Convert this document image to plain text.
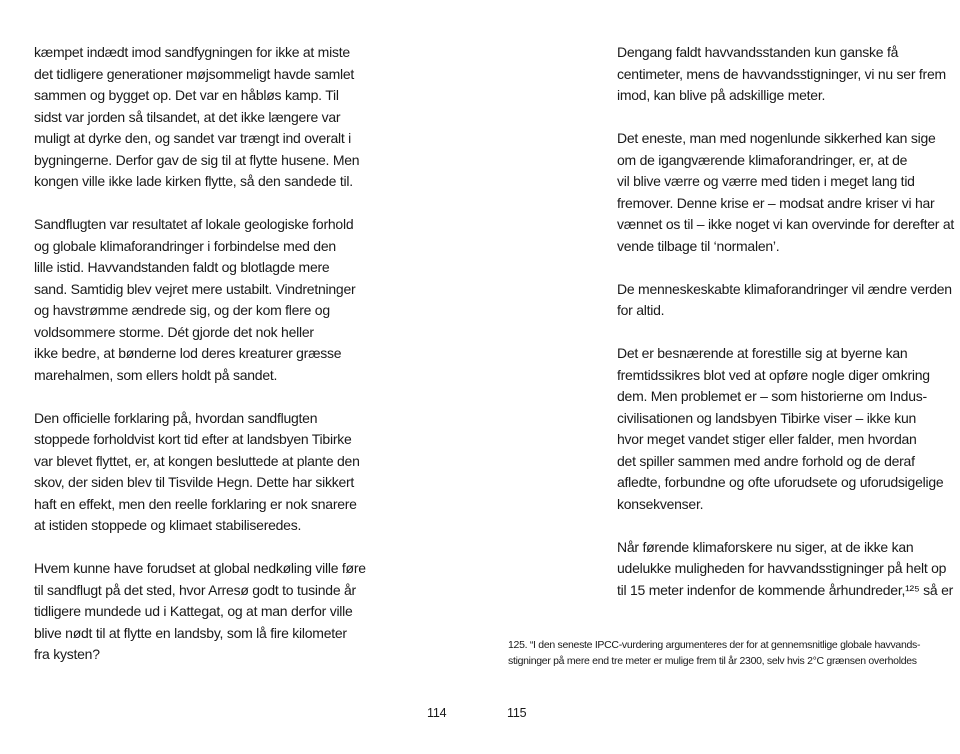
kæmpet indædt imod sandfygningen for ikke at miste
det tidligere generationer møjsommeligt havde samlet
sammen og bygget op. Det var en håbløs kamp. Til
sidst var jorden så tilsandet, at det ikke længere var
muligt at dyrke den, og sandet var trængt ind overalt i
bygningerne. Derfor gav de sig til at flytte husene. Men
kongen ville ikke lade kirken flytte, så den sandede til.

Sandflugten var resultatet af lokale geologiske forhold
og globale klimaforandringer i forbindelse med den
lille istid. Havvandstanden faldt og blotlagde mere
sand. Samtidig blev vejret mere ustabilt. Vindretninger
og havstrømme ændrede sig, og der kom flere og
voldsommere storme. Dét gjorde det nok heller
ikke bedre, at bønderne lod deres kreaturer græsse
marehalmen, som ellers holdt på sandet.

Den officielle forklaring på, hvordan sandflugten
stoppede forholdvist kort tid efter at landsbyen Tibirke
var blevet flyttet, er, at kongen besluttede at plante den
skov, der siden blev til Tisvilde Hegn. Dette har sikkert
haft en effekt, men den reelle forklaring er nok snarere
at istiden stoppede og klimaet stabiliseredes.

Hvem kunne have forudset at global nedkøling ville føre
til sandflugt på det sted, hvor Arresø godt to tusinde år
tidligere mundede ud i Kattegat, og at man derfor ville
blive nødt til at flytte en landsby, som lå fire kilometer
fra kysten?

Dengang faldt havvandsstanden kun ganske få
centimeter, mens de havvandsstigninger, vi nu ser frem
imod, kan blive på adskillige meter.

Det eneste, man med nogenlunde sikkerhed kan sige
om de igangværende klimaforandringer, er, at de
vil blive værre og værre med tiden i meget lang tid
fremover. Denne krise er – modsat andre kriser vi har
vænnet os til – ikke noget vi kan overvinde for derefter at
vende tilbage til ‘normalen’.

De menneskeskabte klimaforandringer vil ændre verden
for altid.

Det er besnærende at forestille sig at byerne kan
fremtidssikres blot ved at opføre nogle diger omkring
dem. Men problemet er – som historierne om Indus-
civilisationen og landsbyen Tibirke viser – ikke kun
hvor meget vandet stiger eller falder, men hvordan
det spiller sammen med andre forhold og de deraf
afledte, forbundne og ofte uforudsete og uforudsigelige
konsekvenser.

Når førende klimaforskere nu siger, at de ikke kan
udelukke muligheden for havvandsstigninger på helt op
til 15 meter indenfor de kommende århundreder,¹²⁵ så er

125. “I den seneste IPCC-vurdering argumenteres der for at gennemsnitlige globale havvands-
stigninger på mere end tre meter er mulige frem til år 2300, selv hvis 2°C grænsen overholdes

114	115
